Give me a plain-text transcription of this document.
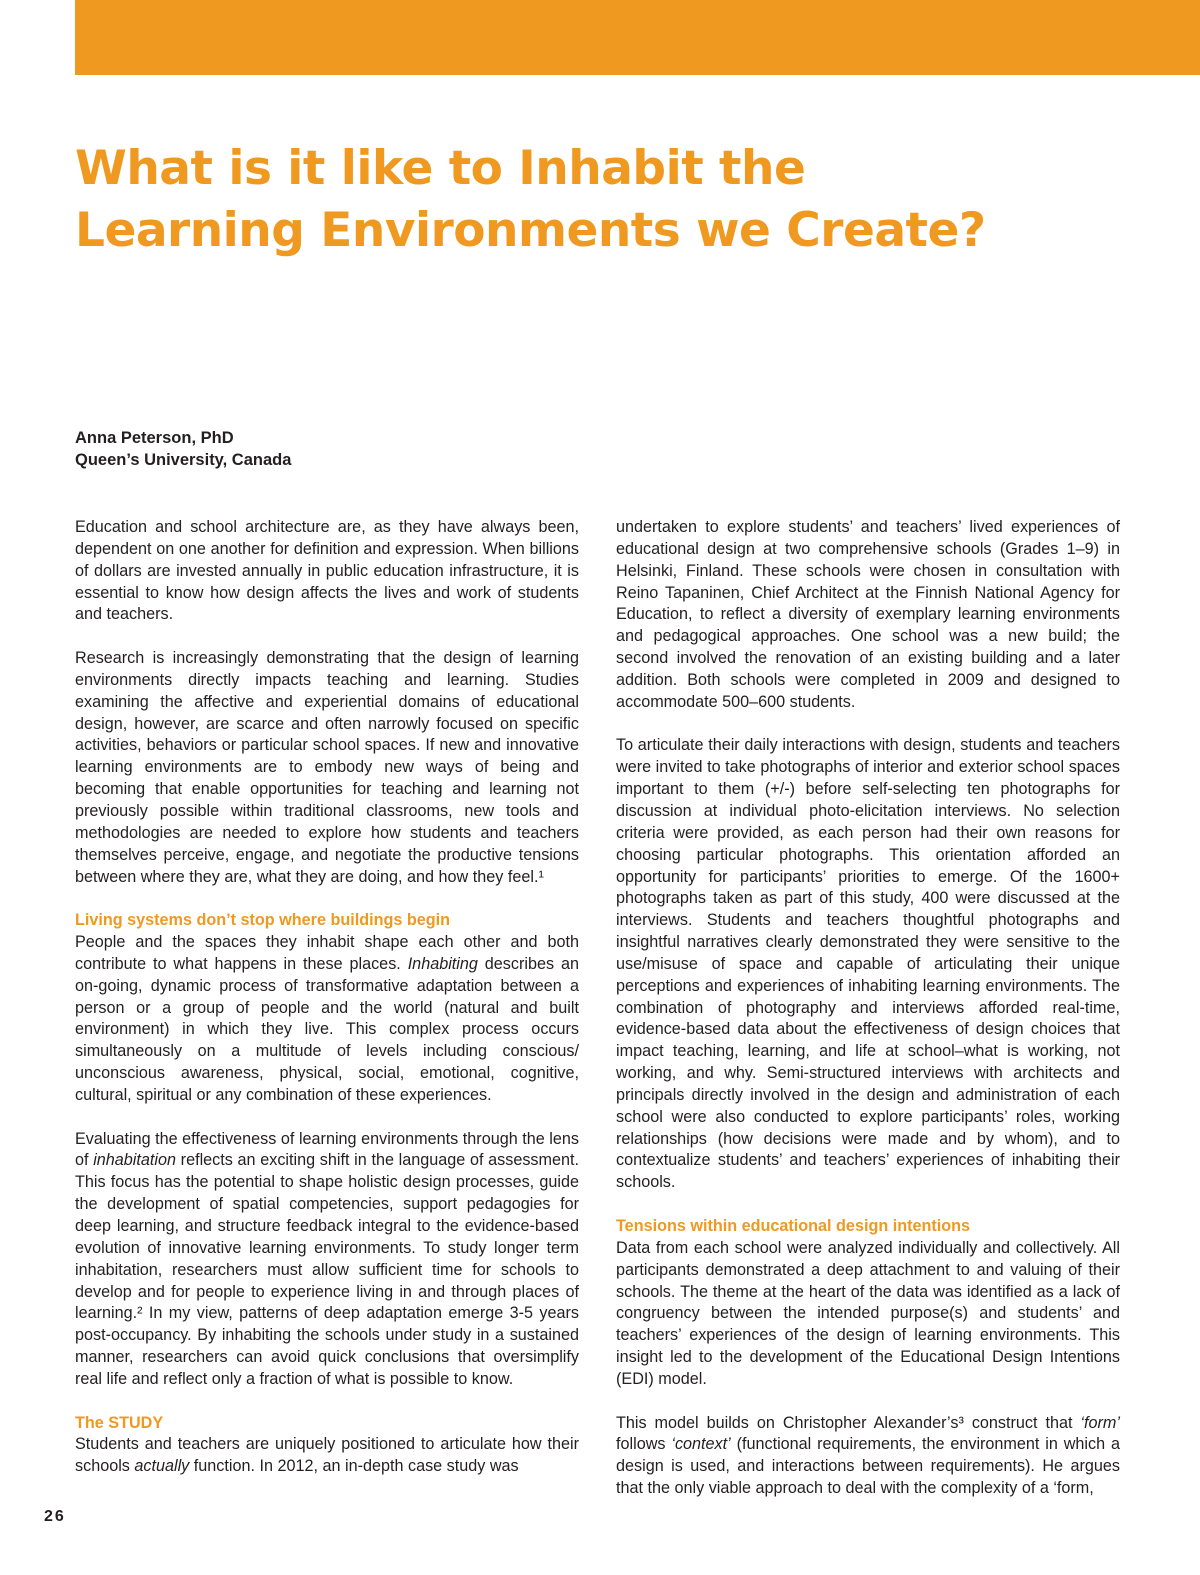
What is it like to Inhabit the
Learning Environments we Create?
Anna Peterson, PhD
Queen’s University, Canada

Education and school architecture are, as they have always been, dependent on one another for definition and expression. When billions of dollars are invested annually in public education infrastructure, it is essential to know how design affects the lives and work of students and teachers.

Research is increasingly demonstrating that the design of learning environments directly impacts teaching and learning. Studies examining the affective and experiential domains of educational design, however, are scarce and often narrowly focused on specific activities, behaviors or particular school spaces. If new and innovative learning environments are to embody new ways of being and becoming that enable opportunities for teaching and learning not previously possible within traditional classrooms, new tools and methodologies are needed to explore how students and teachers themselves perceive, engage, and negotiate the productive tensions between where they are, what they are doing, and how they feel.¹

Living systems don’t stop where buildings begin

People and the spaces they inhabit shape each other and both contribute to what happens in these places. Inhabiting describes an on-going, dynamic process of transformative adaptation between a person or a group of people and the world (natural and built environment) in which they live. This complex process occurs simultaneously on a multitude of levels including conscious/ unconscious awareness, physical, social, emotional, cognitive, cultural, spiritual or any combination of these experiences.

Evaluating the effectiveness of learning environments through the lens of inhabitation reflects an exciting shift in the language of assessment. This focus has the potential to shape holistic design processes, guide the development of spatial competencies, support pedagogies for deep learning, and structure feedback integral to the evidence-based evolution of innovative learning environments. To study longer term inhabitation, researchers must allow sufficient time for schools to develop and for people to experience living in and through places of learning.² In my view, patterns of deep adaptation emerge 3-5 years post-occupancy. By inhabiting the schools under study in a sustained manner, researchers can avoid quick conclusions that oversimplify real life and reflect only a fraction of what is possible to know.

The STUDY

Students and teachers are uniquely positioned to articulate how their schools actually function. In 2012, an in-depth case study was

undertaken to explore students’ and teachers’ lived experiences of educational design at two comprehensive schools (Grades 1–9) in Helsinki, Finland. These schools were chosen in consultation with Reino Tapaninen, Chief Architect at the Finnish National Agency for Education, to reflect a diversity of exemplary learning environments and pedagogical approaches. One school was a new build; the second involved the renovation of an existing building and a later addition. Both schools were completed in 2009 and designed to accommodate 500–600 students.

To articulate their daily interactions with design, students and teachers were invited to take photographs of interior and exterior school spaces important to them (+/-) before self-selecting ten photographs for discussion at individual photo-elicitation interviews. No selection criteria were provided, as each person had their own reasons for choosing particular photographs. This orientation afforded an opportunity for participants’ priorities to emerge. Of the 1600+ photographs taken as part of this study, 400 were discussed at the interviews. Students and teachers thoughtful photographs and insightful narratives clearly demonstrated they were sensitive to the use/misuse of space and capable of articulating their unique perceptions and experiences of inhabiting learning environments. The combination of photography and interviews afforded real-time, evidence-based data about the effectiveness of design choices that impact teaching, learning, and life at school–what is working, not working, and why. Semi-structured interviews with architects and principals directly involved in the design and administration of each school were also conducted to explore participants’ roles, working relationships (how decisions were made and by whom), and to contextualize students’ and teachers’ experiences of inhabiting their schools.

Tensions within educational design intentions

Data from each school were analyzed individually and collectively. All participants demonstrated a deep attachment to and valuing of their schools. The theme at the heart of the data was identified as a lack of congruency between the intended purpose(s) and students’ and teachers’ experiences of the design of learning environments. This insight led to the development of the Educational Design Intentions (EDI) model.

This model builds on Christopher Alexander’s³ construct that ‘form’ follows ‘context’ (functional requirements, the environment in which a design is used, and interactions between requirements). He argues that the only viable approach to deal with the complexity of a ‘form,

26
